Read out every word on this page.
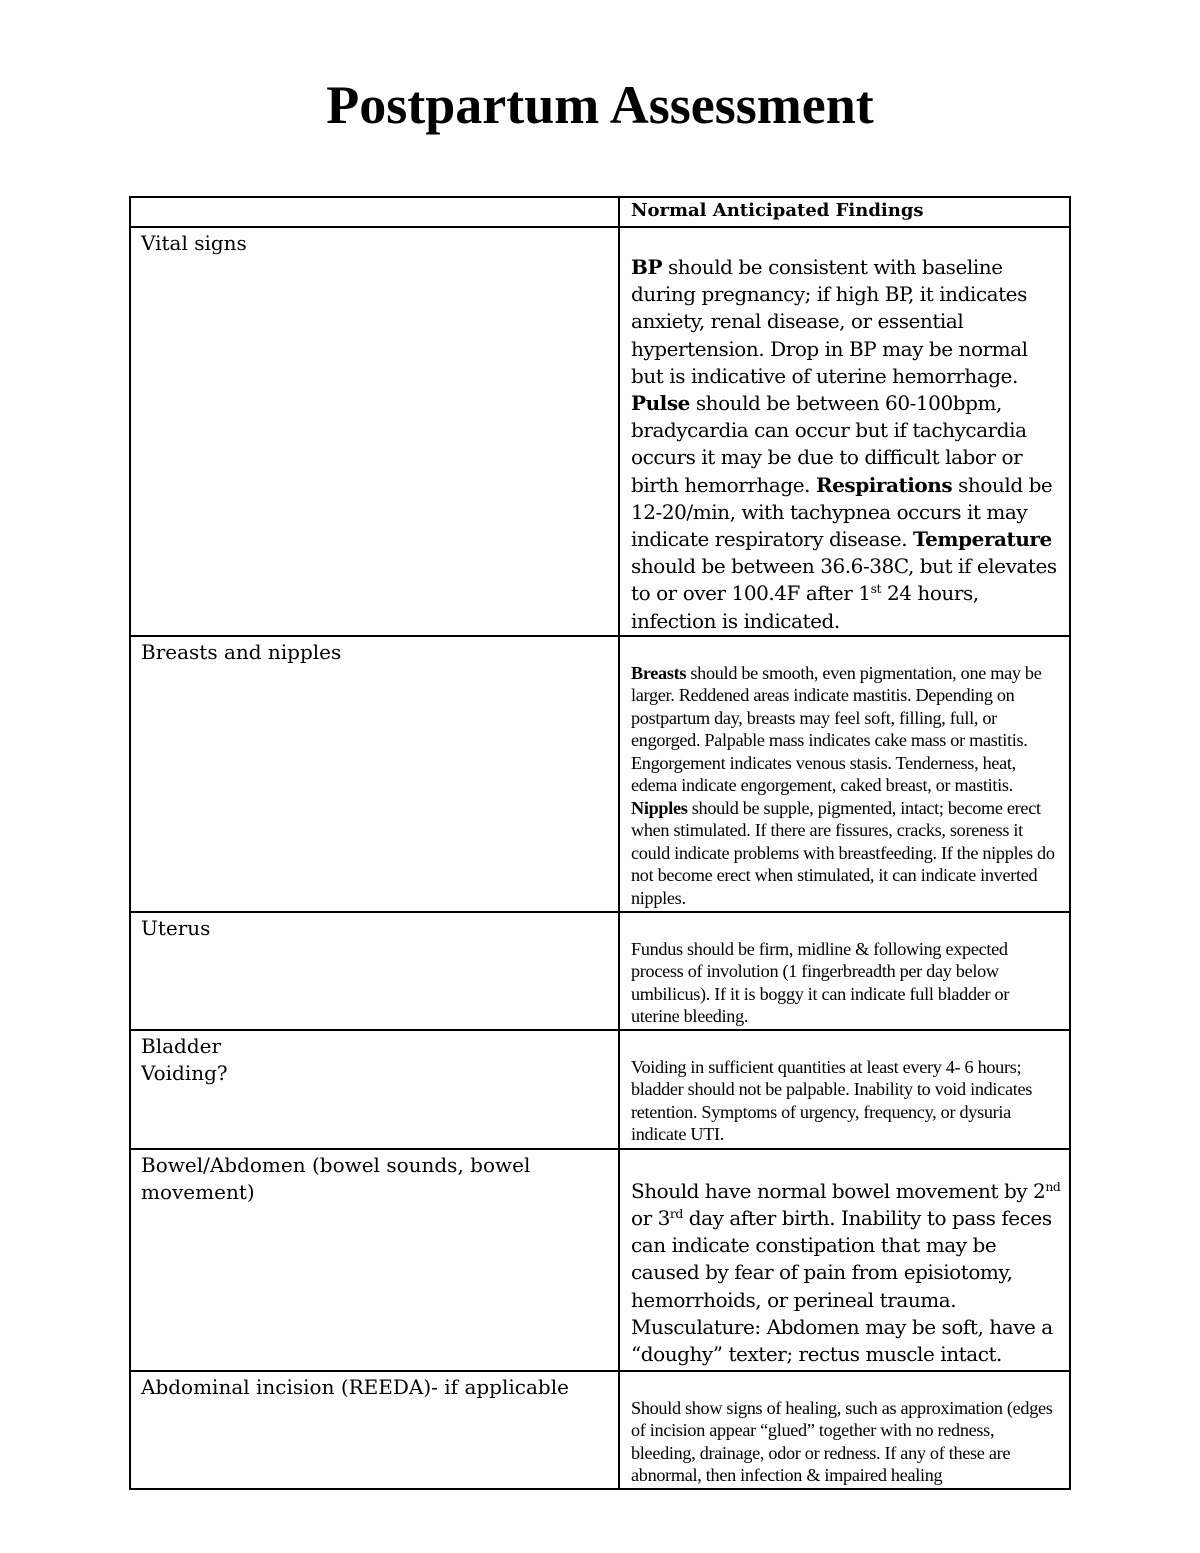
Postpartum Assessment

	Normal Anticipated Findings

Vital signs	BP should be consistent with baseline during pregnancy; if high BP, it indicates anxiety, renal disease, or essential hypertension. Drop in BP may be normal but is indicative of uterine hemorrhage. Pulse should be between 60-100bpm, bradycardia can occur but if tachycardia occurs it may be due to difficult labor or birth hemorrhage. Respirations should be 12-20/min, with tachypnea occurs it may indicate respiratory disease. Temperature should be between 36.6-38C, but if elevates to or over 100.4F after 1st 24 hours, infection is indicated.

Breasts and nipples	Breasts should be smooth, even pigmentation, one may be larger. Reddened areas indicate mastitis. Depending on postpartum day, breasts may feel soft, filling, full, or engorged. Palpable mass indicates cake mass or mastitis. Engorgement indicates venous stasis. Tenderness, heat, edema indicate engorgement, caked breast, or mastitis. Nipples should be supple, pigmented, intact; become erect when stimulated. If there are fissures, cracks, soreness it could indicate problems with breastfeeding. If the nipples do not become erect when stimulated, it can indicate inverted nipples.

Uterus	Fundus should be firm, midline & following expected process of involution (1 fingerbreadth per day below umbilicus). If it is boggy it can indicate full bladder or uterine bleeding.

Bladder
Voiding?	Voiding in sufficient quantities at least every 4- 6 hours; bladder should not be palpable. Inability to void indicates retention. Symptoms of urgency, frequency, or dysuria indicate UTI.

Bowel/Abdomen (bowel sounds, bowel movement)	Should have normal bowel movement by 2nd or 3rd day after birth. Inability to pass feces can indicate constipation that may be caused by fear of pain from episiotomy, hemorrhoids, or perineal trauma. Musculature: Abdomen may be soft, have a “doughy” texter; rectus muscle intact.

Abdominal incision (REEDA)- if applicable	Should show signs of healing, such as approximation (edges of incision appear “glued” together with no redness, bleeding, drainage, odor or redness. If any of these are abnormal, then infection & impaired healing
